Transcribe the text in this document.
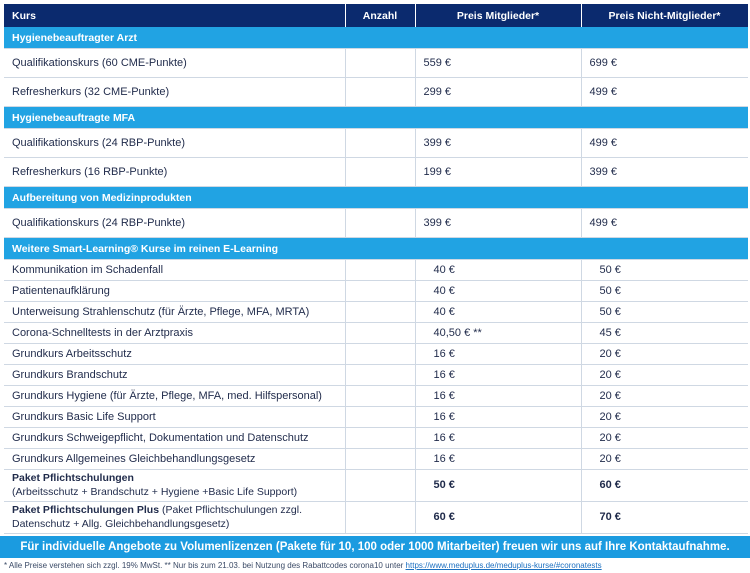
Kurs	Anzahl	Preis Mitglieder*	Preis Nicht-Mitglieder*
Hygienebeauftragter Arzt			
Qualifikationskurs (60 CME-Punkte)		559 €	699 €
Refresherkurs (32 CME-Punkte)		299 €	499 €
Hygienebeauftragte MFA			
Qualifikationskurs (24 RBP-Punkte)		399 €	499 €
Refresherkurs (16 RBP-Punkte)		199 €	399 €
Aufbereitung von Medizinprodukten			
Qualifikationskurs (24 RBP-Punkte)		399 €	499 €
Weitere Smart-Learning® Kurse im reinen E-Learning			
Kommunikation im Schadenfall		40 €	50 €
Patientenaufklärung		40 €	50 €
Unterweisung Strahlenschutz (für Ärzte, Pflege, MFA, MRTA)		40 €	50 €
Corona-Schnelltests in der Arztpraxis		40,50 € **	45 €
Grundkurs Arbeitsschutz		16 €	20 €
Grundkurs Brandschutz		16 €	20 €
Grundkurs Hygiene (für Ärzte, Pflege, MFA, med. Hilfspersonal)		16 €	20 €
Grundkurs Basic Life Support		16 €	20 €
Grundkurs Schweigepflicht, Dokumentation und Datenschutz		16 €	20 €
Grundkurs Allgemeines Gleichbehandlungsgesetz		16 €	20 €
Paket Pflichtschulungen
(Arbeitsschutz + Brandschutz + Hygiene +Basic Life Support)		50 €	60 €
Paket Pflichtschulungen Plus (Paket Pflichtschulungen zzgl. Datenschutz + Allg. Gleichbehandlungsgesetz)		60 €	70 €
Für individuelle Angebote zu Volumenlizenzen (Pakete für 10, 100 oder 1000 Mitarbeiter) freuen wir uns auf Ihre Kontaktaufnahme.
* Alle Preise verstehen sich zzgl. 19% MwSt. ** Nur bis zum 21.03. bei Nutzung des Rabattcodes corona10 unter https://www.meduplus.de/meduplus-kurse/#coronatests
